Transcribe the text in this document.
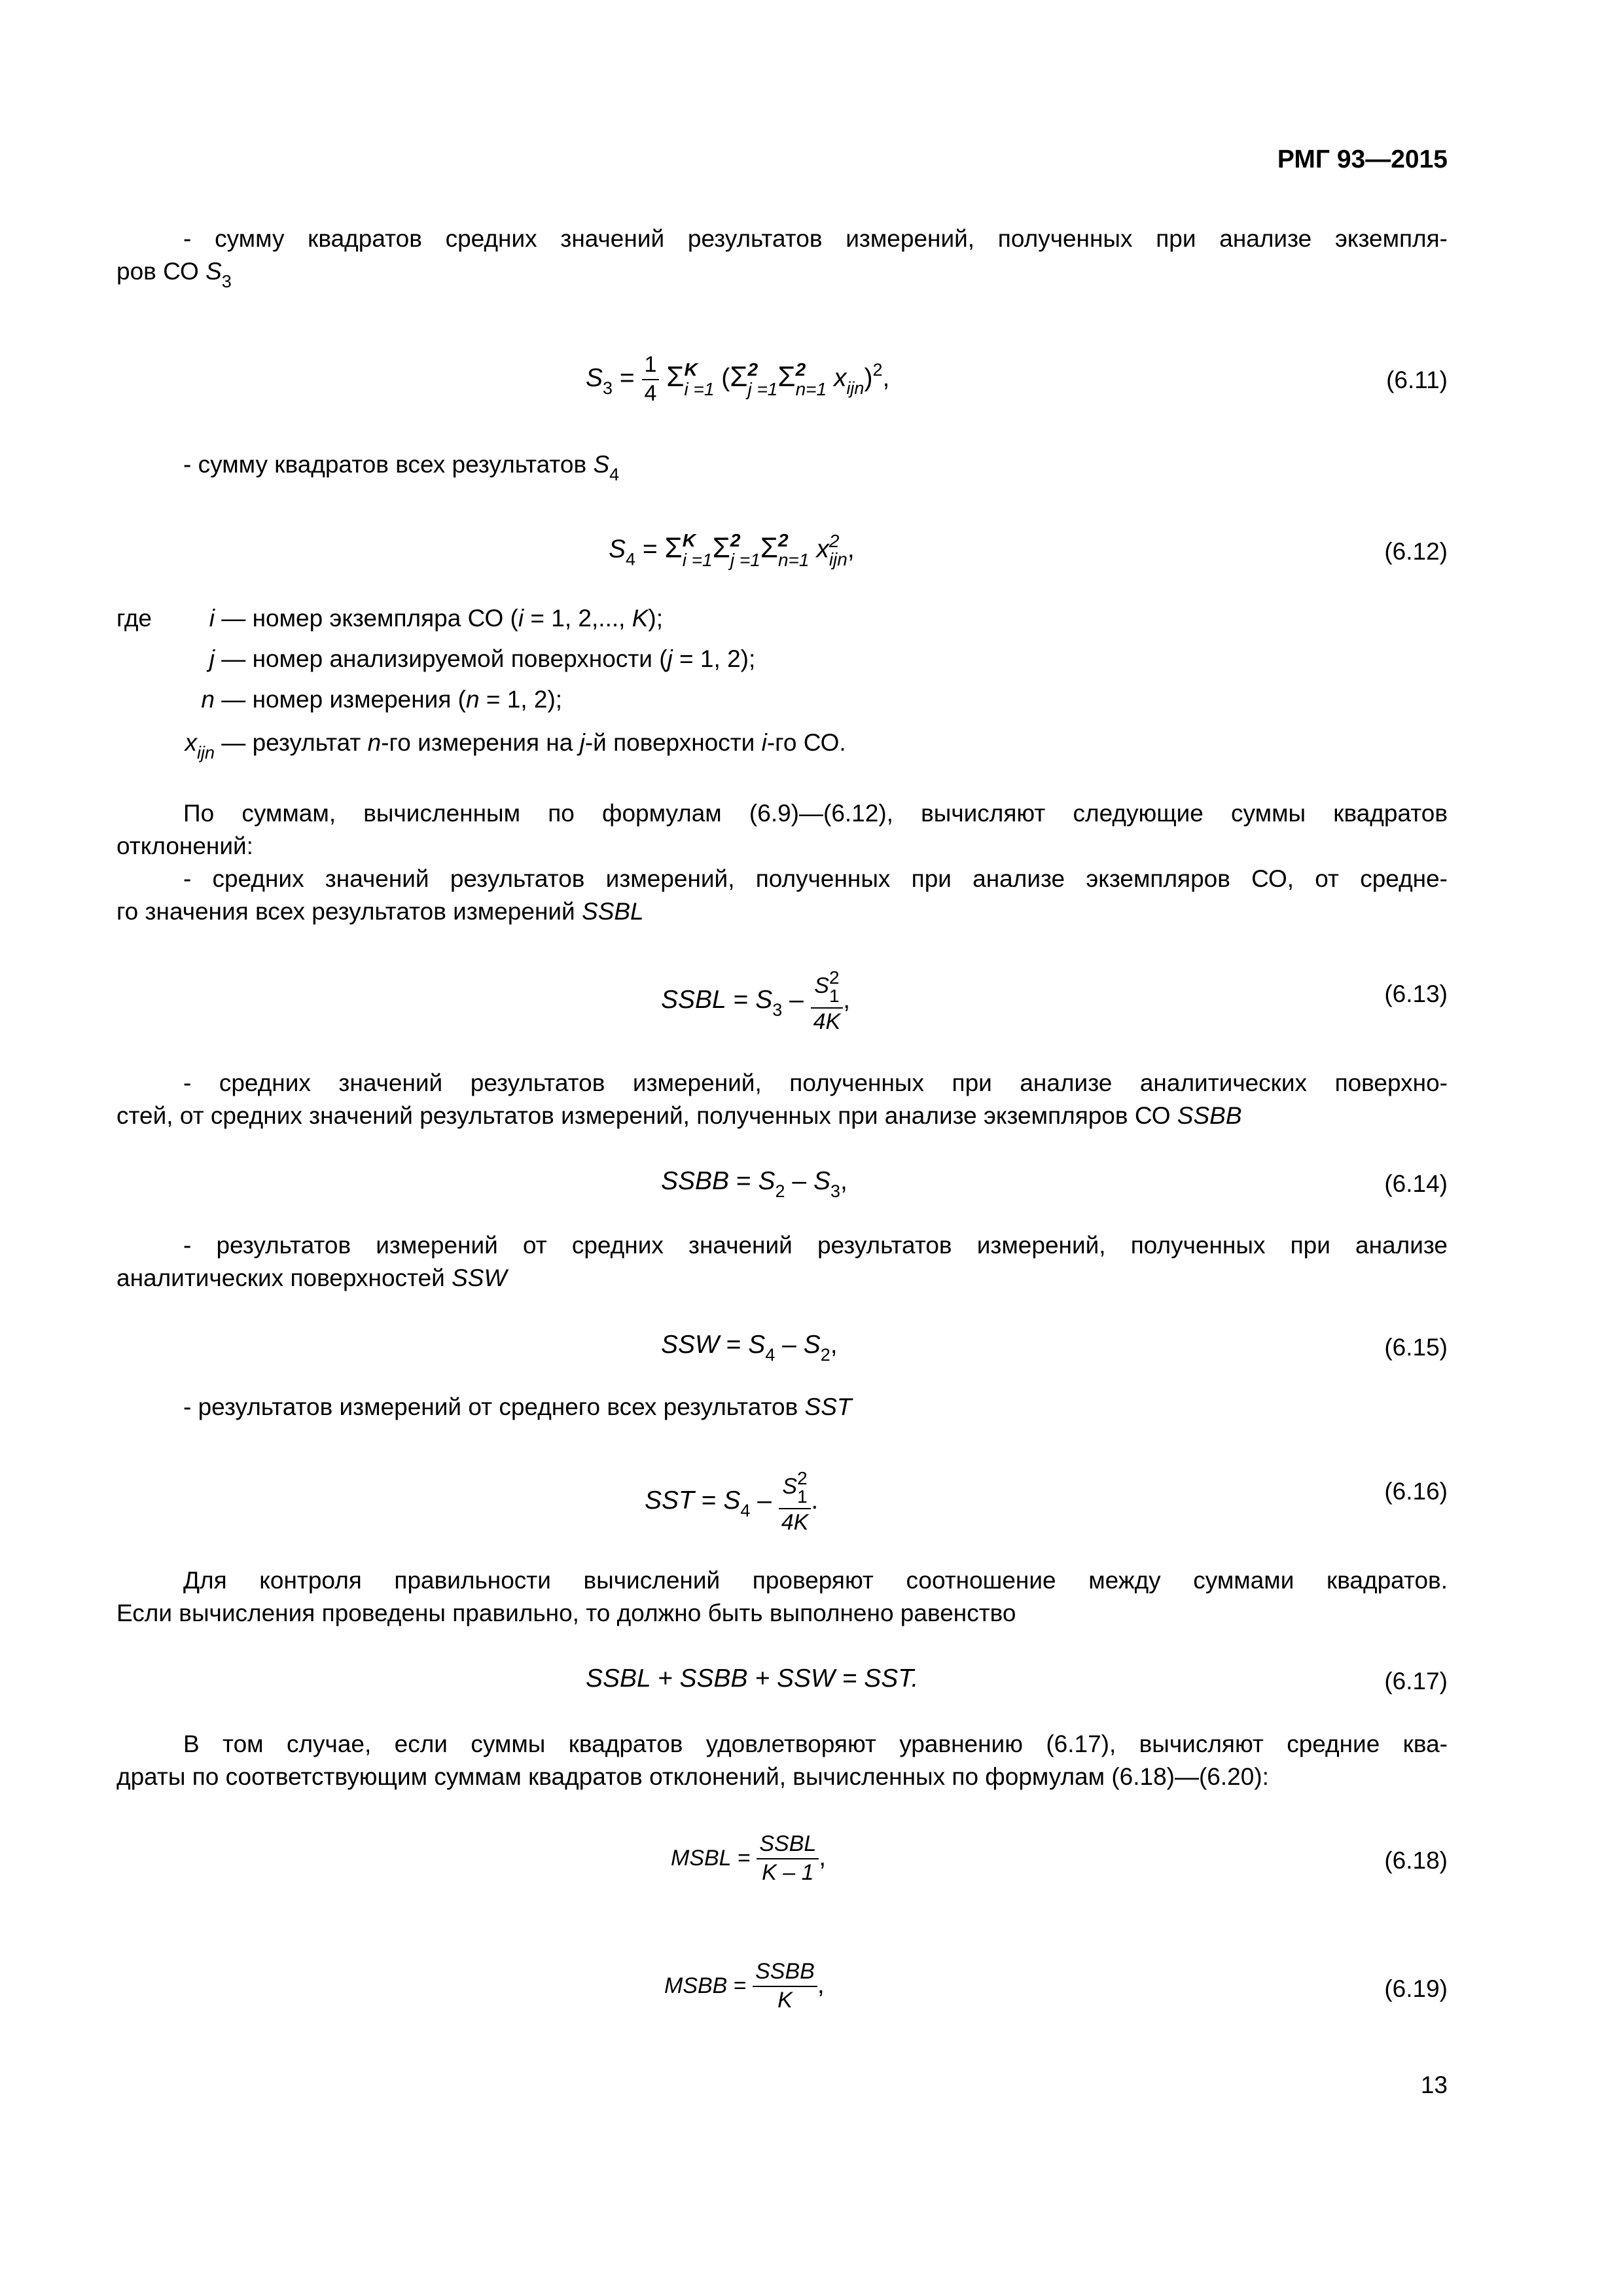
РМГ 93—2015
- сумму квадратов средних значений результатов измерений, полученных при анализе экземпля-
ров СО $S_3$
$S_3 = \frac{1}{4}$ Σ K
i =1 (Σ 2
j =1 Σ 2
n=1 $x_{ijn})^2$,	(6.11)
- сумму квадратов всех результатов $S_4$
$S_4 = \Sigma$ K
i =1 Σ 2
j =1 Σ 2
n=1 x 2
ijn ,	(6.12)
где	i — номер экземпляра СО (i = 1, 2,..., K);
j — номер анализируемой поверхности (j = 1, 2);
n — номер измерения (n = 1, 2);
$x_{ijn}$ — результат n-го измерения на j-й поверхности i-го СО.
По суммам, вычисленным по формулам (6.9)—(6.12), вычисляют следующие суммы квадратов
отклонений:
- средних значений результатов измерений, полученных при анализе экземпляров СО, от средне-
го значения всех результатов измерений SSBL
SSBL = $S_3$ – S 2
1
4K ,	(6.13)
- средних значений результатов измерений, полученных при анализе аналитических поверхно-
стей, от средних значений результатов измерений, полученных при анализе экземпляров СО SSBB
SSBB = $S_2 - S_3$,	(6.14)
- результатов измерений от средних значений результатов измерений, полученных при анализе
аналитических поверхностей SSW
SSW = $S_4 - S_2$,	(6.15)
- результатов измерений от среднего всех результатов SST
SST = $S_4$ – S 2
1
4K .	(6.16)
Для контроля правильности вычислений проверяют соотношение между суммами квадратов.
Если вычисления проведены правильно, то должно быть выполнено равенство
SSBL + SSBB + SSW = SST.	(6.17)
В том случае, если суммы квадратов удовлетворяют уравнению (6.17), вычисляют средние ква-
драты по соответствующим суммам квадратов отклонений, вычисленных по формулам (6.18)—(6.20):
MSBL = $\frac{\text{SSBL}}{K - 1}$ ,	(6.18)
MSBB = $\frac{\text{SSBB}}{K}$ ,	(6.19)
13
